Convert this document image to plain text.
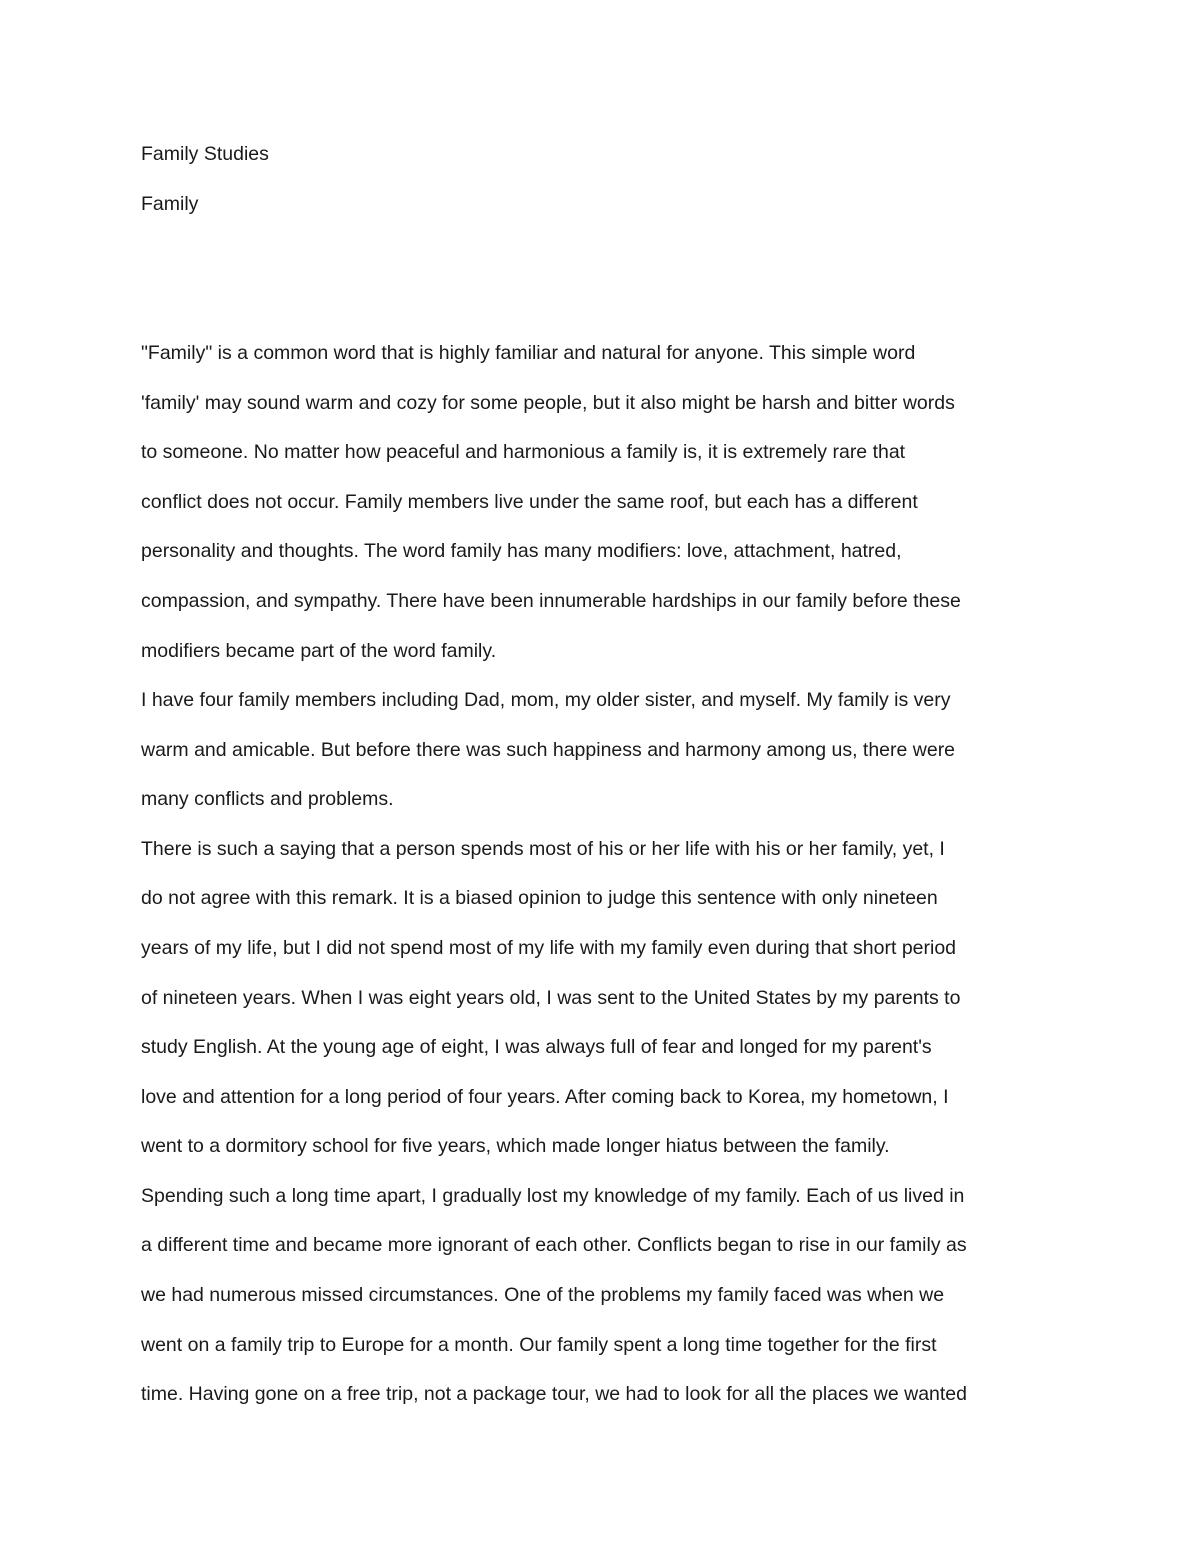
Family Studies
Family
"Family" is a common word that is highly familiar and natural for anyone. This simple word
'family' may sound warm and cozy for some people, but it also might be harsh and bitter words
to someone. No matter how peaceful and harmonious a family is, it is extremely rare that
conflict does not occur. Family members live under the same roof, but each has a different
personality and thoughts. The word family has many modifiers: love, attachment, hatred,
compassion, and sympathy. There have been innumerable hardships in our family before these
modifiers became part of the word family.
I have four family members including Dad, mom, my older sister, and myself. My family is very
warm and amicable. But before there was such happiness and harmony among us, there were
many conflicts and problems.
There is such a saying that a person spends most of his or her life with his or her family, yet, I
do not agree with this remark. It is a biased opinion to judge this sentence with only nineteen
years of my life, but I did not spend most of my life with my family even during that short period
of nineteen years. When I was eight years old, I was sent to the United States by my parents to
study English. At the young age of eight, I was always full of fear and longed for my parent's
love and attention for a long period of four years. After coming back to Korea, my hometown, I
went to a dormitory school for five years, which made longer hiatus between the family.
Spending such a long time apart, I gradually lost my knowledge of my family. Each of us lived in
a different time and became more ignorant of each other. Conflicts began to rise in our family as
we had numerous missed circumstances. One of the problems my family faced was when we
went on a family trip to Europe for a month. Our family spent a long time together for the first
time. Having gone on a free trip, not a package tour, we had to look for all the places we wanted
